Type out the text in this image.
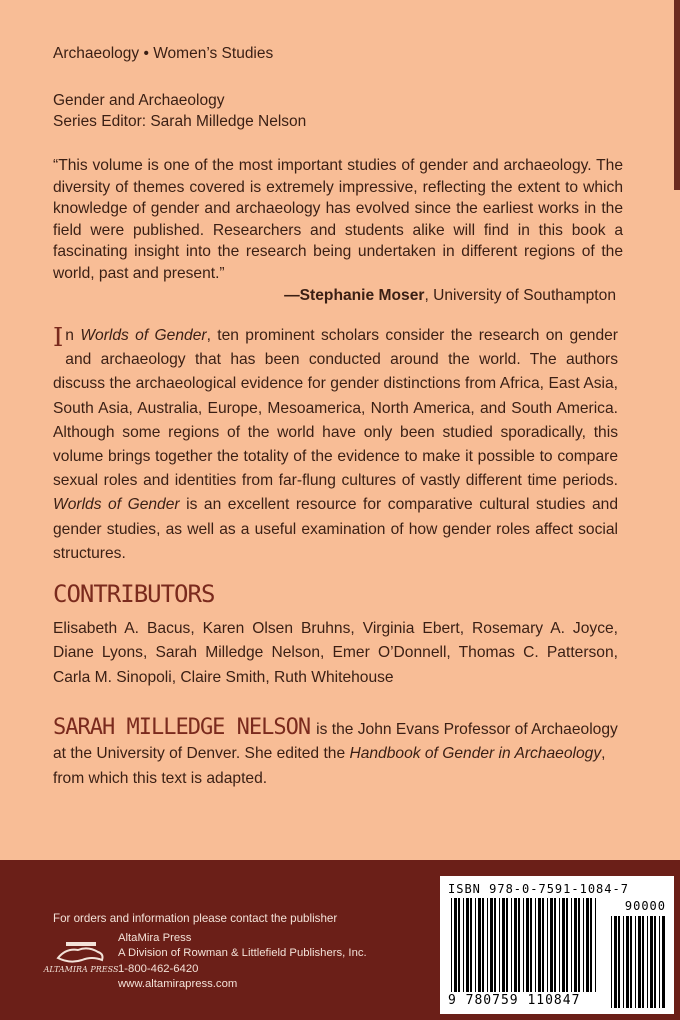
Archaeology • Women’s Studies
Gender and Archaeology
Series Editor: Sarah Milledge Nelson
“This volume is one of the most important studies of gender and archaeology. The diversity of themes covered is extremely impressive, reflecting the extent to which knowledge of gender and archaeology has evolved since the earliest works in the field were published. Researchers and students alike will find in this book a fascinating insight into the research being undertaken in different regions of the world, past and present.”
—Stephanie Moser, University of Southampton
In Worlds of Gender, ten prominent scholars consider the research on gender and archaeology that has been conducted around the world. The authors discuss the archaeological evidence for gender distinctions from Africa, East Asia, South Asia, Australia, Europe, Mesoamerica, North America, and South America. Although some regions of the world have only been studied sporadically, this volume brings together the totality of the evidence to make it possible to compare sexual roles and identities from far-flung cultures of vastly different time periods. Worlds of Gender is an excellent resource for comparative cultural studies and gender studies, as well as a useful examination of how gender roles affect social structures.
CONTRIBUTORS
Elisabeth A. Bacus, Karen Olsen Bruhns, Virginia Ebert, Rosemary A. Joyce, Diane Lyons, Sarah Milledge Nelson, Emer O’Donnell, Thomas C. Patterson, Carla M. Sinopoli, Claire Smith, Ruth Whitehouse
SARAH MILLEDGE NELSON is the John Evans Professor of Archaeology at the University of Denver. She edited the Handbook of Gender in Archaeology, from which this text is adapted.
For orders and information please contact the publisher
ALTAMIRA PRESS
AltaMira Press
A Division of Rowman & Littlefield Publishers, Inc.
1-800-462-6420
www.altamirapress.com
ISBN 978-0-7591-1084-7
90000
9 780759 110847
